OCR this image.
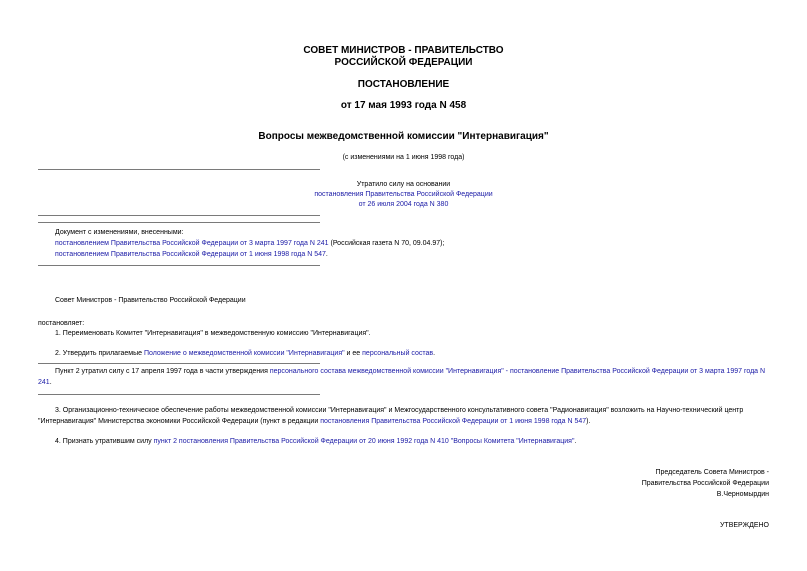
СОВЕТ МИНИСТРОВ - ПРАВИТЕЛЬСТВО
РОССИЙСКОЙ ФЕДЕРАЦИИ
ПОСТАНОВЛЕНИЕ
от 17 мая 1993 года N 458
Вопросы межведомственной комиссии "Интернавигация"
(с изменениями на 1 июня 1998 года)
Утратило силу на основании
постановления Правительства Российской Федерации
от 26 июля 2004 года N 380
Документ с изменениями, внесенными:
постановлением Правительства Российской Федерации от 3 марта 1997 года N 241 (Российская газета N 70, 09.04.97);
постановлением Правительства Российской Федерации от 1 июня 1998 года N 547.
Совет Министров - Правительство Российской Федерации
постановляет:
1. Переименовать Комитет "Интернавигация" в межведомственную комиссию "Интернавигация".
2. Утвердить прилагаемые Положение о межведомственной комиссии "Интернавигация" и ее персональный состав.
Пункт 2 утратил силу с 17 апреля 1997 года в части утверждения персонального состава межведомственной комиссии "Интернавигация" - постановление Правительства Российской Федерации от 3 марта 1997 года N 241.
3. Организационно-техническое обеспечение работы межведомственной комиссии "Интернавигация" и Межгосударственного консультативного совета "Радионавигация" возложить на Научно-технический центр "Интернавигация" Министерства экономики Российской Федерации (пункт в редакции постановления Правительства Российской Федерации от 1 июня 1998 года N 547).
4. Признать утратившим силу пункт 2 постановления Правительства Российской Федерации от 20 июня 1992 года N 410 "Вопросы Комитета "Интернавигация".
Председатель Совета Министров -
Правительства Российской Федерации
В.Черномырдин
УТВЕРЖДЕНО
